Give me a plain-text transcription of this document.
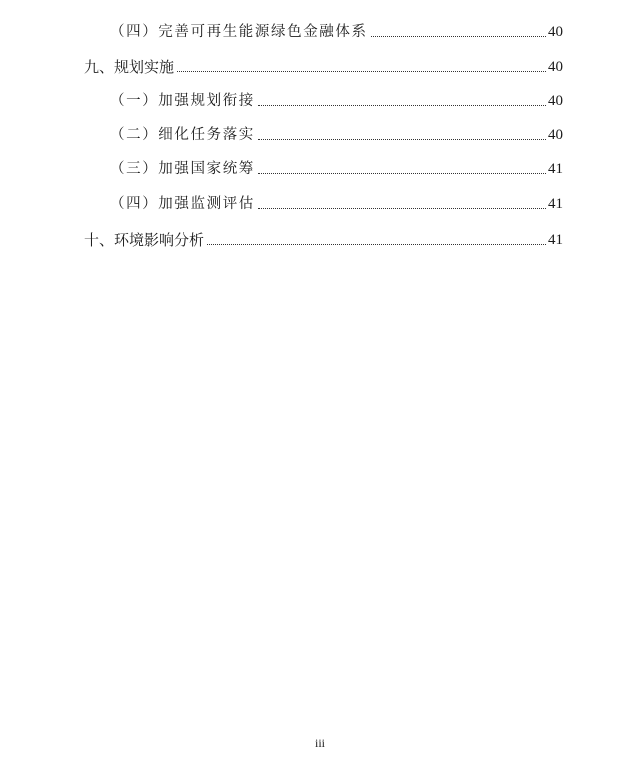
（四）完善可再生能源绿色金融体系	40
九、规划实施	40
（一）加强规划衔接	40
（二）细化任务落实	40
（三）加强国家统筹	41
（四）加强监测评估	41
十、环境影响分析	41
iii
